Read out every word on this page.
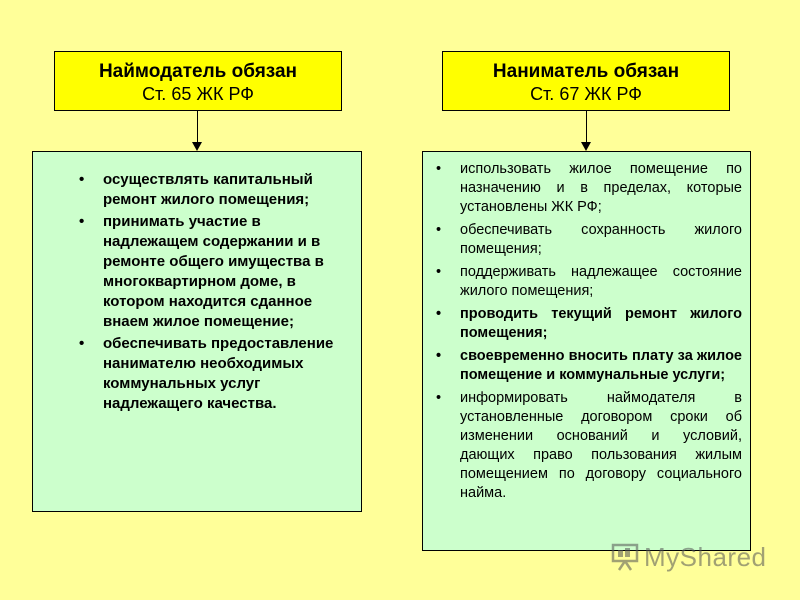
Наймодатель обязан
Ст. 65 ЖК РФ
Наниматель обязан
Ст. 67 ЖК РФ
• осуществлять капитальный ремонт жилого помещения;
• принимать участие в надлежащем содержании и в ремонте общего имущества в многоквартирном доме, в котором находится сданное внаем жилое помещение;
• обеспечивать предоставление нанимателю необходимых коммунальных услуг надлежащего качества.
• использовать жилое помещение по назначению и в пределах, которые установлены ЖК РФ;
• обеспечивать сохранность жилого помещения;
• поддерживать надлежащее состояние жилого помещения;
• проводить текущий ремонт жилого помещения;
• своевременно вносить плату за жилое помещение и коммунальные услуги;
• информировать наймодателя в установленные договором сроки об изменении оснований и условий, дающих право пользования жилым помещением по договору социального найма.
MyShared
